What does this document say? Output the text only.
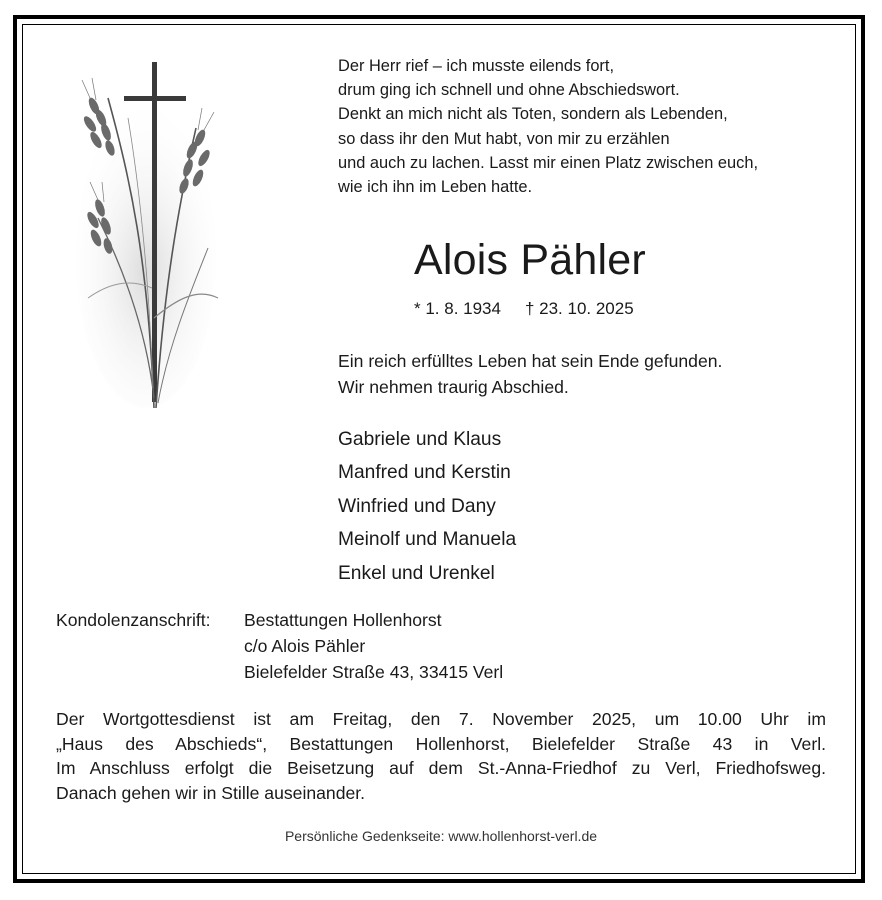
Der Herr rief – ich musste eilends fort,
drum ging ich schnell und ohne Abschiedswort.
Denkt an mich nicht als Toten, sondern als Lebenden,
so dass ihr den Mut habt, von mir zu erzählen
und auch zu lachen. Lasst mir einen Platz zwischen euch,
wie ich ihn im Leben hatte.
Alois Pähler
* 1. 8. 1934 † 23. 10. 2025
Ein reich erfülltes Leben hat sein Ende gefunden.
Wir nehmen traurig Abschied.
Gabriele und Klaus
Manfred und Kerstin
Winfried und Dany
Meinolf und Manuela
Enkel und Urenkel
Kondolenzanschrift:	Bestattungen Hollenhorst
c/o Alois Pähler
Bielefelder Straße 43, 33415 Verl
Der Wortgottesdienst ist am Freitag, den 7. November 2025, um 10.00 Uhr im
„Haus des Abschieds“, Bestattungen Hollenhorst, Bielefelder Straße 43 in Verl.
Im Anschluss erfolgt die Beisetzung auf dem St.-Anna-Friedhof zu Verl, Friedhofsweg.
Danach gehen wir in Stille auseinander.
Persönliche Gedenkseite: www.hollenhorst-verl.de
